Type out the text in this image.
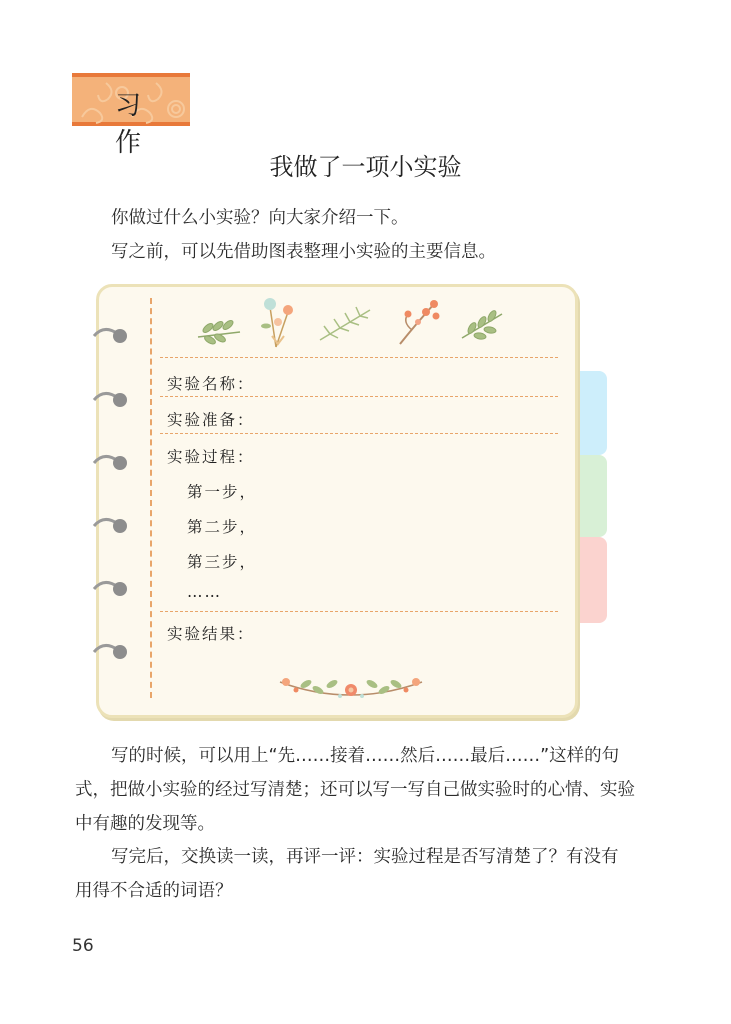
习 作
我做了一项小实验
你做过什么小实验？向大家介绍一下。
写之前，可以先借助图表整理小实验的主要信息。
实验名称：
实验准备：
实验过程：
第一步，
第二步，
第三步，
……
实验结果：
写的时候，可以用上“先……接着……然后……最后……”这样的句式，把做小实验的经过写清楚；还可以写一写自己做实验时的心情、实验中有趣的发现等。
写完后，交换读一读，再评一评：实验过程是否写清楚了？有没有用得不合适的词语？
56
